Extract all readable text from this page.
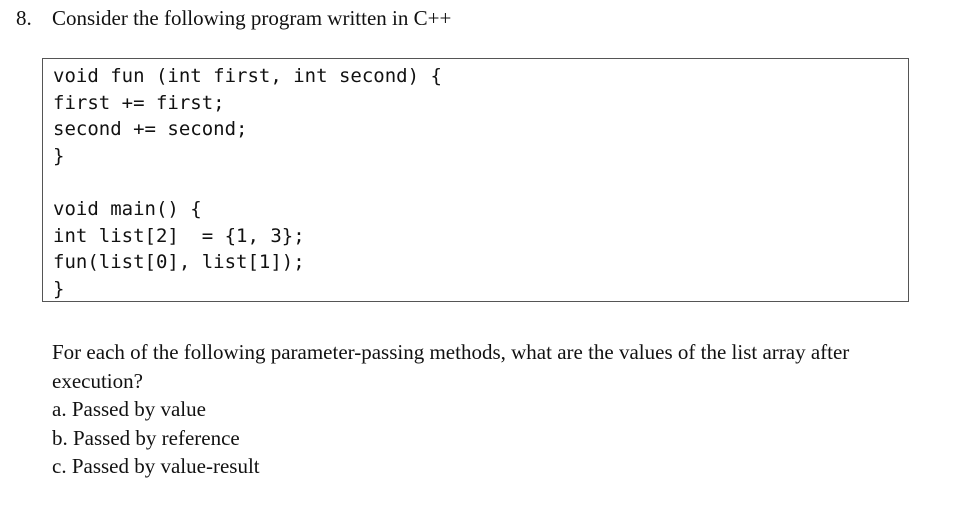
8. Consider the following program written in C++
void fun (int first, int second) {
first += first;
second += second;
}
void main() {
int list[2]  = {1, 3};
fun(list[0], list[1]);
}

For each of the following parameter-passing methods, what are the values of the list array after execution?

a. Passed by value
b. Passed by reference
c. Passed by value-result
